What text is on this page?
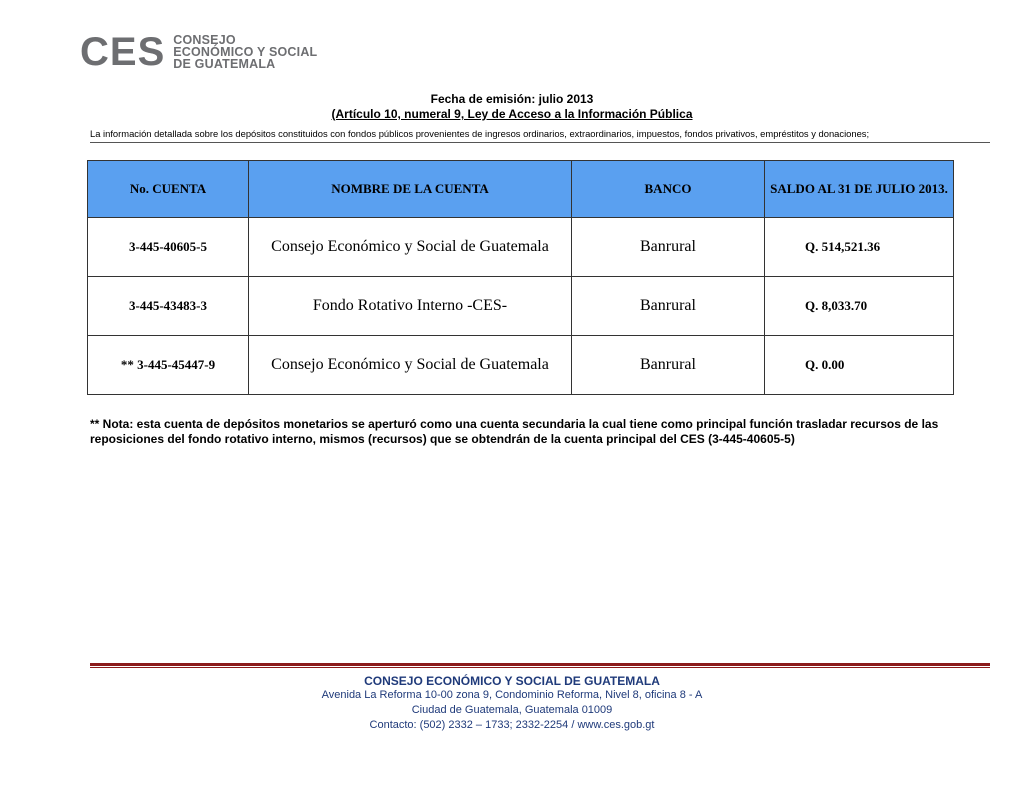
CES CONSEJO
ECONÓMICO Y SOCIAL
DE GUATEMALA
Fecha de emisión: julio 2013
(Artículo 10, numeral 9, Ley de Acceso a la Información Pública
La información detallada sobre los depósitos constituidos con fondos públicos provenientes de ingresos ordinarios, extraordinarios, impuestos, fondos privativos, empréstitos y donaciones;
No. CUENTA	NOMBRE DE LA CUENTA	BANCO	SALDO AL 31 DE JULIO 2013.
3-445-40605-5	Consejo Económico y Social de Guatemala	Banrural	Q. 514,521.36
3-445-43483-3	Fondo Rotativo Interno -CES-	Banrural	Q. 8,033.70
** 3-445-45447-9	Consejo Económico y Social de Guatemala	Banrural	Q. 0.00
** Nota: esta cuenta de depósitos monetarios se aperturó como una cuenta secundaria la cual tiene como principal función trasladar recursos de las reposiciones del fondo rotativo interno, mismos (recursos) que se obtendrán de la cuenta principal del CES (3-445-40605-5)
CONSEJO ECONÓMICO Y SOCIAL DE GUATEMALA
Avenida La Reforma 10-00 zona 9, Condominio Reforma, Nivel 8, oficina 8 - A
Ciudad de Guatemala, Guatemala 01009
Contacto: (502) 2332 – 1733; 2332-2254 / www.ces.gob.gt
